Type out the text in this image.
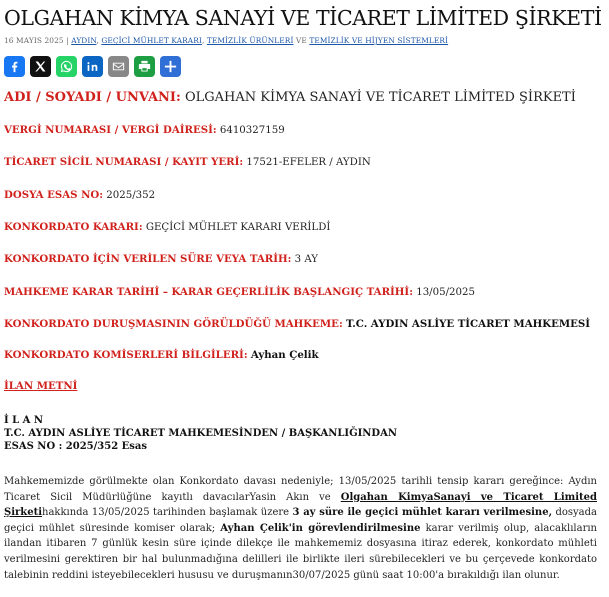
OLGAHAN KİMYA SANAYİ VE TİCARET LİMİTED ŞİRKETİ
16 MAYIS 2025 | AYDIN, GEÇİCİ MÜHLET KARARI, TEMİZLİK ÜRÜNLERİ VE TEMİZLİK VE HİJYEN SİSTEMLERİ
ADI / SOYADI / UNVANI: OLGAHAN KİMYA SANAYİ VE TİCARET LİMİTED ŞİRKETİ
VERGİ NUMARASI / VERGİ DAİRESİ: 6410327159
TİCARET SİCİL NUMARASI / KAYIT YERİ: 17521-EFELER / AYDIN
DOSYA ESAS NO: 2025/352
KONKORDATO KARARI: GEÇİCİ MÜHLET KARARI VERİLDİ
KONKORDATO İÇİN VERİLEN SÜRE VEYA TARİH: 3 AY
MAHKEME KARAR TARİHİ – KARAR GEÇERLİLİK BAŞLANGIÇ TARİHİ: 13/05/2025
KONKORDATO DURUŞMASININ GÖRÜLDÜĞÜ MAHKEME: T.C. AYDIN ASLİYE TİCARET MAHKEMESİ
KONKORDATO KOMİSERLERİ BİLGİLERİ: Ayhan Çelik
İLAN METNİ
İ L A N
T.C. AYDIN ASLİYE TİCARET MAHKEMESİNDEN / BAŞKANLIĞINDAN
ESAS NO : 2025/352 Esas

Mahkememizde görülmekte olan Konkordato davası nedeniyle; 13/05/2025 tarihli tensip kararı gereğince: Aydın Ticaret Sicil Müdürlüğüne kayıtlı davacılarYasin Akın ve Olgahan KimyaSanayi ve Ticaret Limited Şirketihakkında 13/05/2025 tarihinden başlamak üzere 3 ay süre ile geçici mühlet kararı verilmesine, dosyada geçici mühlet süresinde komiser olarak; Ayhan Çelik'in görevlendirilmesine karar verilmiş olup, alacaklıların ilandan itibaren 7 günlük kesin süre içinde dilekçe ile mahkememiz dosyasına itiraz ederek, konkordato mühleti verilmesini gerektiren bir hal bulunmadığına delilleri ile birlikte ileri sürebilecekleri ve bu çerçevede konkordato talebinin reddini isteyebilecekleri hususu ve duruşmanın30/07/2025 günü saat 10:00'a bırakıldığı ilan olunur.
